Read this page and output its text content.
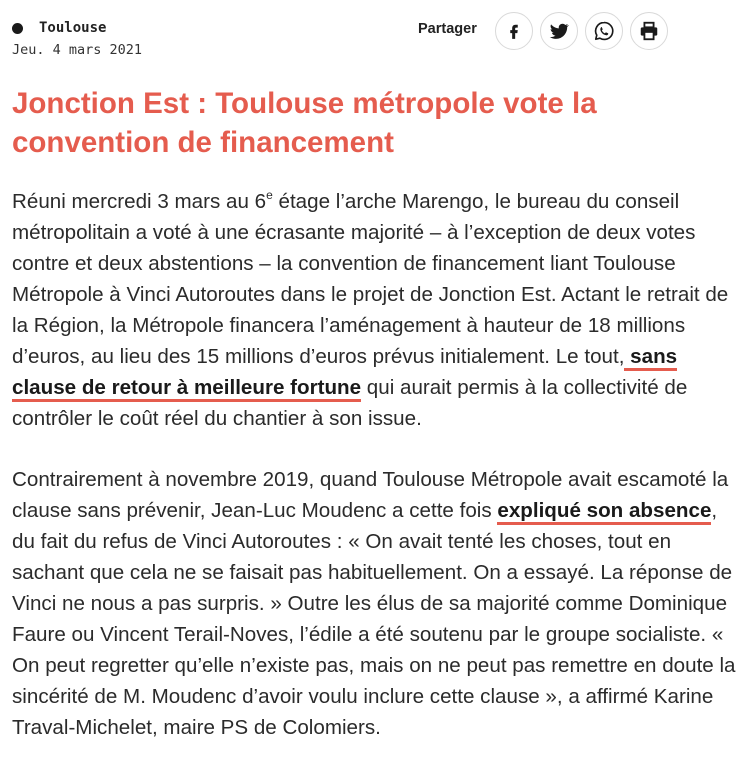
Toulouse
Jeu. 4 mars 2021
Partager
Jonction Est : Toulouse métropole vote la convention de financement

Réuni mercredi 3 mars au 6e étage l’arche Marengo, le bureau du conseil métropolitain a voté à une écrasante majorité – à l’exception de deux votes contre et deux abstentions – la convention de financement liant Toulouse Métropole à Vinci Autoroutes dans le projet de Jonction Est. Actant le retrait de la Région, la Métropole financera l’aménagement à hauteur de 18 millions d’euros, au lieu des 15 millions d’euros prévus initialement. Le tout, sans clause de retour à meilleure fortune qui aurait permis à la collectivité de contrôler le coût réel du chantier à son issue.

Contrairement à novembre 2019, quand Toulouse Métropole avait escamoté la clause sans prévenir, Jean-Luc Moudenc a cette fois expliqué son absence, du fait du refus de Vinci Autoroutes : « On avait tenté les choses, tout en sachant que cela ne se faisait pas habituellement. On a essayé. La réponse de Vinci ne nous a pas surpris. » Outre les élus de sa majorité comme Dominique Faure ou Vincent Terail-Noves, l’édile a été soutenu par le groupe socialiste. « On peut regretter qu’elle n’existe pas, mais on ne peut pas remettre en doute la sincérité de M. Moudenc d’avoir voulu inclure cette clause », a affirmé Karine Traval-Michelet, maire PS de Colomiers.
